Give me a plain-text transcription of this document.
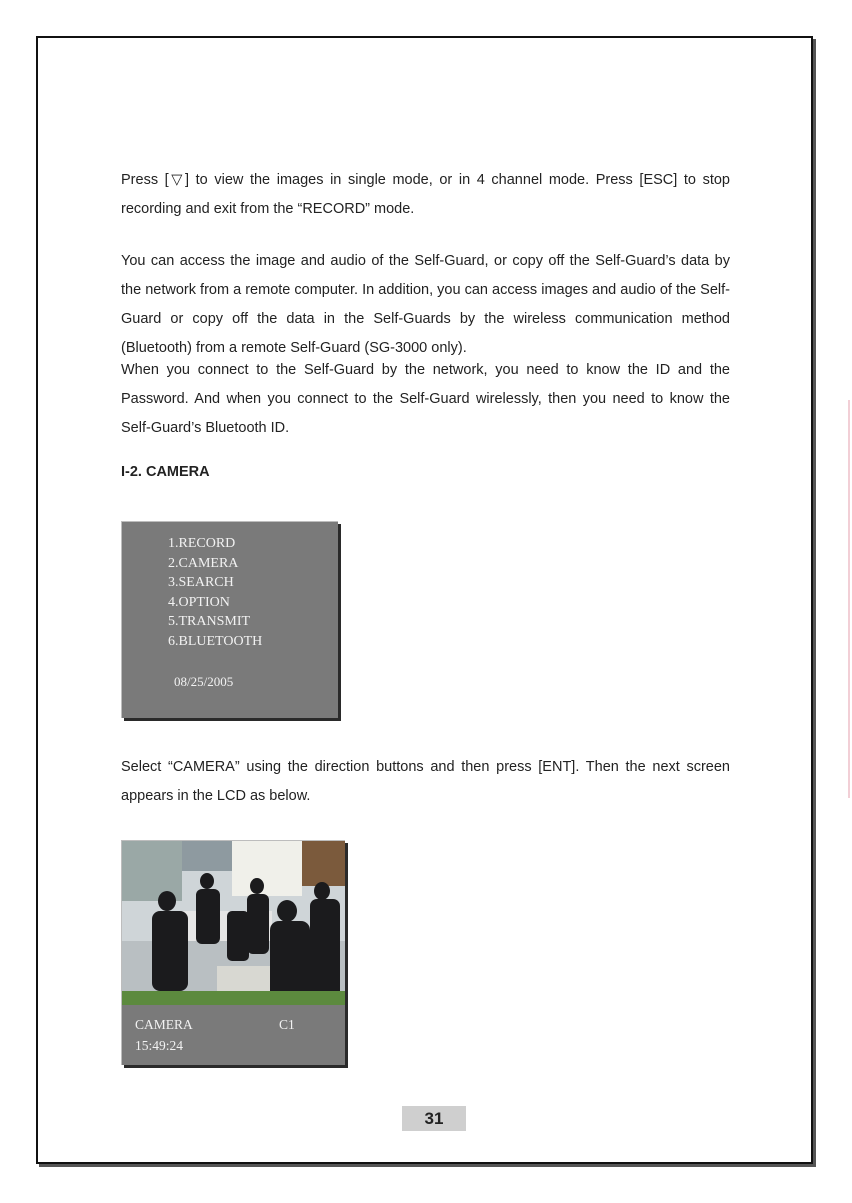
Press [▽] to view the images in single mode, or in 4 channel mode. Press [ESC] to stop recording and exit from the “RECORD” mode.

You can access the image and audio of the Self-Guard, or copy off the Self-Guard’s data by the network from a remote computer. In addition, you can access images and audio of the Self-Guard or copy off the data in the Self-Guards by the wireless communication method (Bluetooth) from a remote Self-Guard (SG-3000 only).

When you connect to the Self-Guard by the network, you need to know the ID and the Password. And when you connect to the Self-Guard wirelessly, then you need to know the Self-Guard’s Bluetooth ID.

I-2. CAMERA
1.RECORD
2.CAMERA
3.SEARCH
4.OPTION
5.TRANSMIT
6.BLUETOOTH
08/25/2005

Select “CAMERA” using the direction buttons and then press [ENT]. Then the next screen appears in the LCD as below.

CAMERA	C1
15:49:24
31
